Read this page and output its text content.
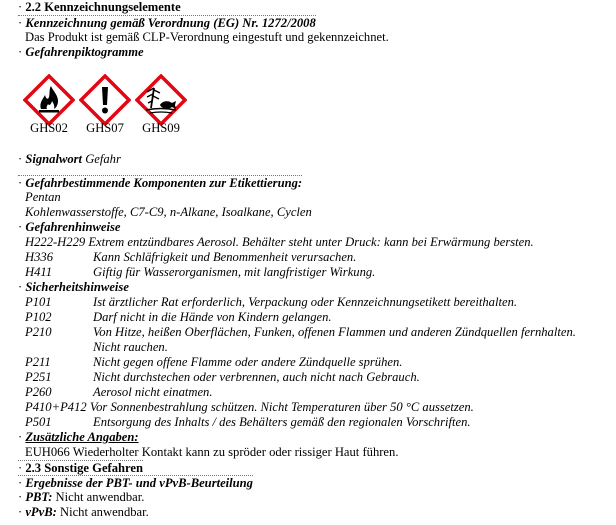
· 2.2 Kennzeichnungselemente
· Kennzeichnung gemäß Verordnung (EG) Nr. 1272/2008
Das Produkt ist gemäß CLP-Verordnung eingestuft und gekennzeichnet.
· Gefahrenpiktogramme
GHS02	GHS07	GHS09
· Signalwort Gefahr
· Gefahrbestimmende Komponenten zur Etikettierung:
Pentan
Kohlenwasserstoffe, C7-C9, n-Alkane, Isoalkane, Cyclen
· Gefahrenhinweise
H222-H229 Extrem entzündbares Aerosol. Behälter steht unter Druck: kann bei Erwärmung bersten.
H336	Kann Schläfrigkeit und Benommenheit verursachen.
H411	Giftig für Wasserorganismen, mit langfristiger Wirkung.
· Sicherheitshinweise
P101	Ist ärztlicher Rat erforderlich, Verpackung oder Kennzeichnungsetikett bereithalten.
P102	Darf nicht in die Hände von Kindern gelangen.
P210	Von Hitze, heißen Oberflächen, Funken, offenen Flammen und anderen Zündquellen fernhalten.
Nicht rauchen.
P211	Nicht gegen offene Flamme oder andere Zündquelle sprühen.
P251	Nicht durchstechen oder verbrennen, auch nicht nach Gebrauch.
P260	Aerosol nicht einatmen.
P410+P412 Vor Sonnenbestrahlung schützen. Nicht Temperaturen über 50 °C aussetzen.
P501	Entsorgung des Inhalts / des Behälters gemäß den regionalen Vorschriften.
· Zusätzliche Angaben:
EUH066 Wiederholter Kontakt kann zu spröder oder rissiger Haut führen.
· 2.3 Sonstige Gefahren
· Ergebnisse der PBT- und vPvB-Beurteilung
· PBT: Nicht anwendbar.
· vPvB: Nicht anwendbar.
